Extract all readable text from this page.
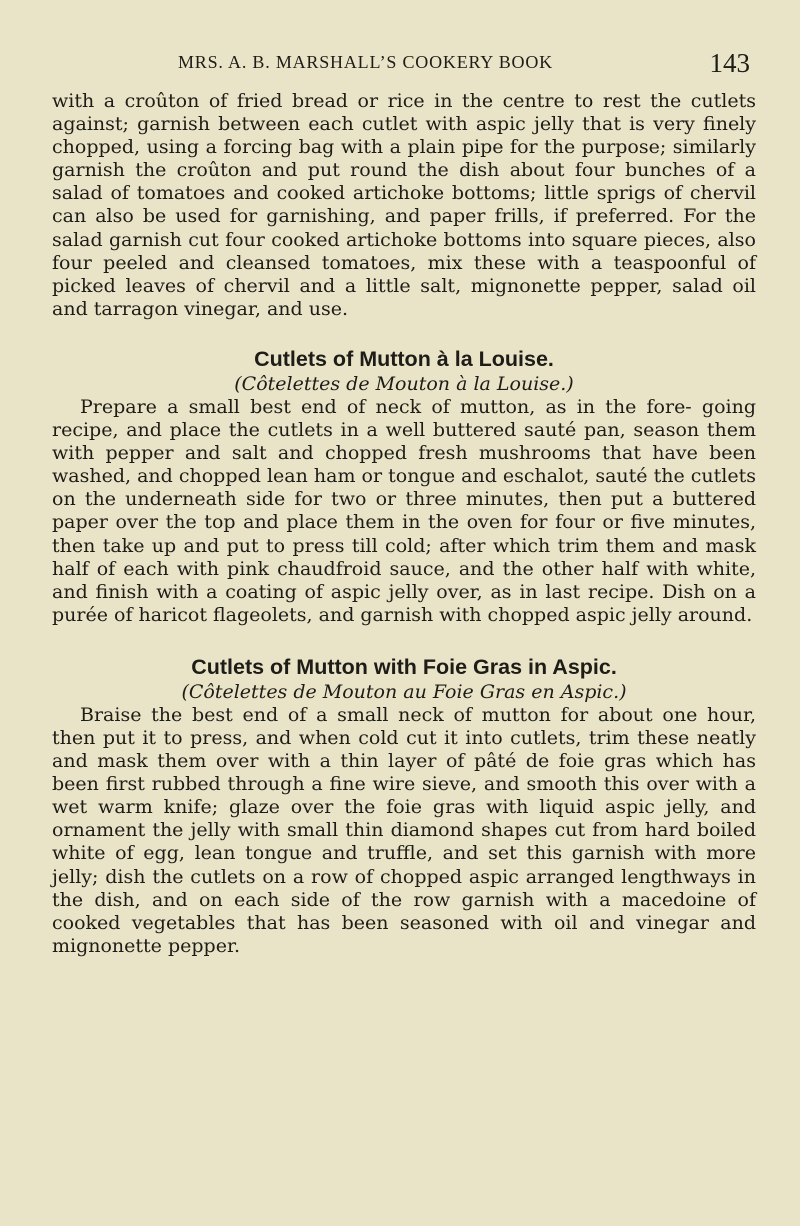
MRS. A. B. MARSHALL’S COOKERY BOOK	143

with a croûton of fried bread or rice in the centre to rest the cutlets against; garnish between each cutlet with aspic jelly that is very finely chopped, using a forcing bag with a plain pipe for the purpose; similarly garnish the croûton and put round the dish about four bunches of a salad of tomatoes and cooked artichoke bottoms; little sprigs of chervil can also be used for garnishing, and paper frills, if preferred. For the salad garnish cut four cooked artichoke bottoms into square pieces, also four peeled and cleansed tomatoes, mix these with a teaspoonful of picked leaves of chervil and a little salt, mignonette pepper, salad oil and tarragon vinegar, and use.

Cutlets of Mutton à la Louise.
(Côtelettes de Mouton à la Louise.)

Prepare a small best end of neck of mutton, as in the fore- going recipe, and place the cutlets in a well buttered sauté pan, season them with pepper and salt and chopped fresh mushrooms that have been washed, and chopped lean ham or tongue and eschalot, sauté the cutlets on the underneath side for two or three minutes, then put a buttered paper over the top and place them in the oven for four or five minutes, then take up and put to press till cold; after which trim them and mask half of each with pink chaudfroid sauce, and the other half with white, and finish with a coating of aspic jelly over, as in last recipe. Dish on a purée of haricot flageolets, and garnish with chopped aspic jelly around.

Cutlets of Mutton with Foie Gras in Aspic.
(Côtelettes de Mouton au Foie Gras en Aspic.)

Braise the best end of a small neck of mutton for about one hour, then put it to press, and when cold cut it into cutlets, trim these neatly and mask them over with a thin layer of pâté de foie gras which has been first rubbed through a fine wire sieve, and smooth this over with a wet warm knife; glaze over the foie gras with liquid aspic jelly, and ornament the jelly with small thin diamond shapes cut from hard boiled white of egg, lean tongue and truffle, and set this garnish with more jelly; dish the cutlets on a row of chopped aspic arranged lengthways in the dish, and on each side of the row garnish with a macedoine of cooked vegetables that has been seasoned with oil and vinegar and mignonette pepper.
